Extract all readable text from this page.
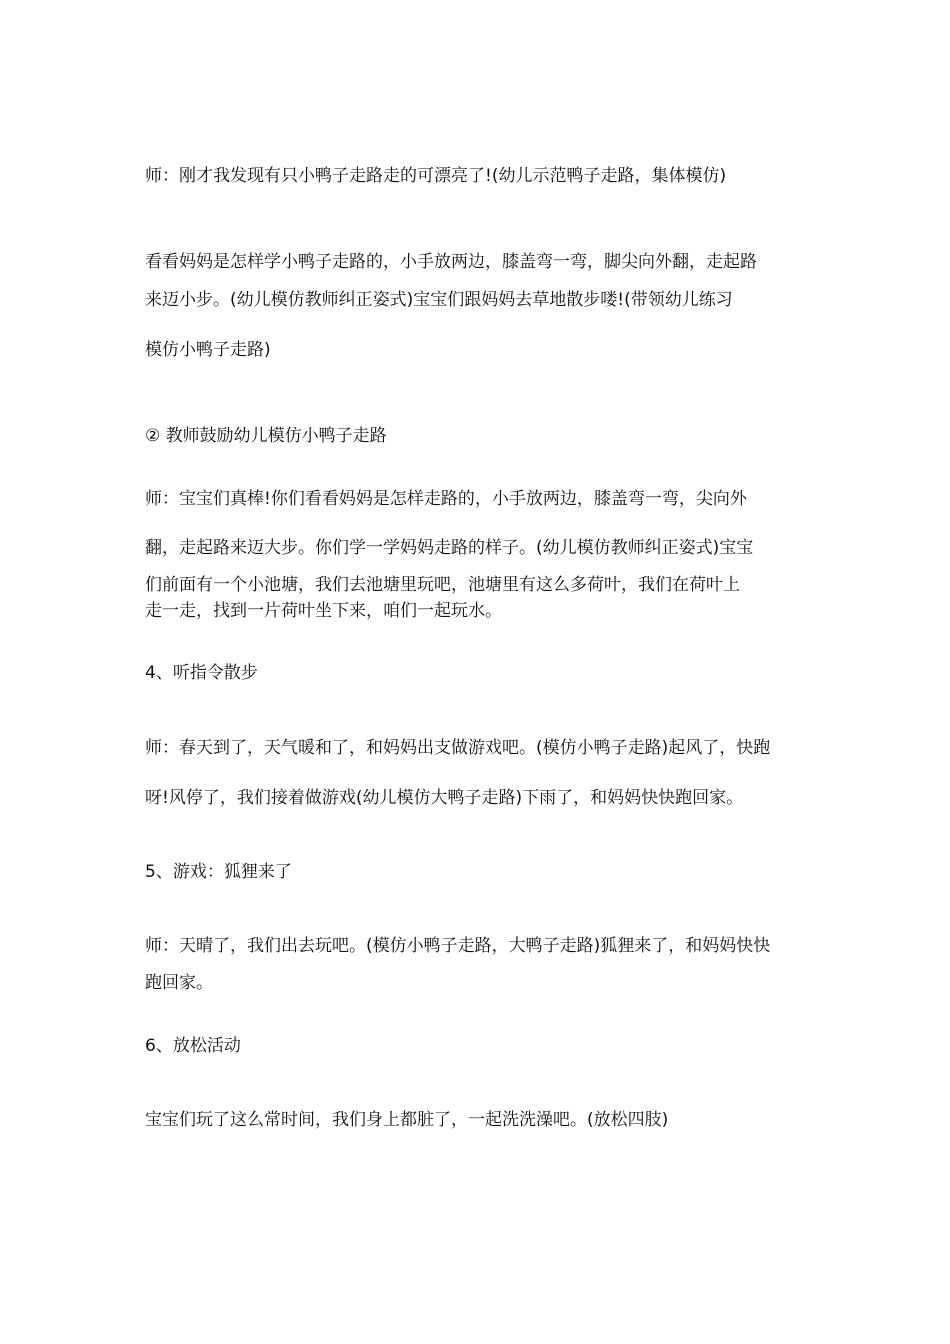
师：刚才我发现有只小鸭子走路走的可漂亮了!(幼儿示范鸭子走路，集体模仿)
看看妈妈是怎样学小鸭子走路的，小手放两边，膝盖弯一弯，脚尖向外翻，走起路
来迈小步。(幼儿模仿教师纠正姿式)宝宝们跟妈妈去草地散步喽!(带领幼儿练习
模仿小鸭子走路)
② 教师鼓励幼儿模仿小鸭子走路
师：宝宝们真棒!你们看看妈妈是怎样走路的，小手放两边，膝盖弯一弯，尖向外
翻，走起路来迈大步。你们学一学妈妈走路的样子。(幼儿模仿教师纠正姿式)宝宝
们前面有一个小池塘，我们去池塘里玩吧，池塘里有这么多荷叶，我们在荷叶上
走一走，找到一片荷叶坐下来，咱们一起玩水。
4、听指令散步
师：春天到了，天气暖和了，和妈妈出支做游戏吧。(模仿小鸭子走路)起风了，快跑
呀!风停了，我们接着做游戏(幼儿模仿大鸭子走路)下雨了，和妈妈快快跑回家。
5、游戏：狐狸来了
师：天晴了，我们出去玩吧。(模仿小鸭子走路，大鸭子走路)狐狸来了，和妈妈快快
跑回家。
6、放松活动
宝宝们玩了这么常时间，我们身上都脏了，一起洗洗澡吧。(放松四肢)
